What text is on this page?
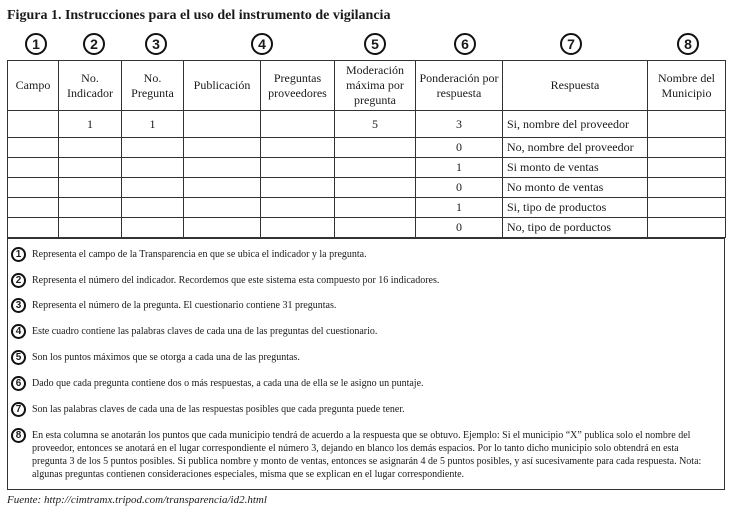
Figura 1. Instrucciones para el uso del instrumento de vigilancia
1	2	3	4	5	6	7	8
Campo	No. Indicador	No. Pregunta	Publicación	Preguntas proveedores	Moderación máxima por pregunta	Ponderación por respuesta	Respuesta	Nombre del Municipio
	1	1			5	3	Si, nombre del proveedor	
						0	No, nombre del proveedor	
						1	Si monto de ventas	
						0	No monto de ventas	
						1	Si, tipo de productos	
						0	No, tipo de porductos	
1	Representa el campo de la Transparencia en que se ubica el indicador y la pregunta.
2	Representa el número del indicador. Recordemos que este sistema esta compuesto por 16 indicadores.
3	Representa el número de la pregunta. El cuestionario contiene 31 preguntas.
4	Este cuadro contiene las palabras claves de cada una de las preguntas del cuestionario.
5	Son los puntos máximos que se otorga a cada una de las preguntas.
6	Dado que cada pregunta contiene dos o más respuestas, a cada una de ella se le asigno un puntaje.
7	Son las palabras claves de cada una de las respuestas posibles que cada pregunta puede tener.
8	En esta columna se anotarán los puntos que cada municipio tendrá de acuerdo a la respuesta que se obtuvo. Ejemplo: Si el municipio “X” publica solo el nombre del proveedor, entonces se anotará en el lugar correspondiente el número 3, dejando en blanco los demás espacios. Por lo tanto dicho municipio solo obtendrá en esta pregunta 3 de los 5 puntos posibles. Si publica nombre y monto de ventas, entonces se asignarán 4 de 5 puntos posibles, y así sucesivamente para cada respuesta. Nota: algunas preguntas contienen consideraciones especiales, misma que se explican en el lugar correspondiente.
Fuente: http://cimtramx.tripod.com/transparencia/id2.html
